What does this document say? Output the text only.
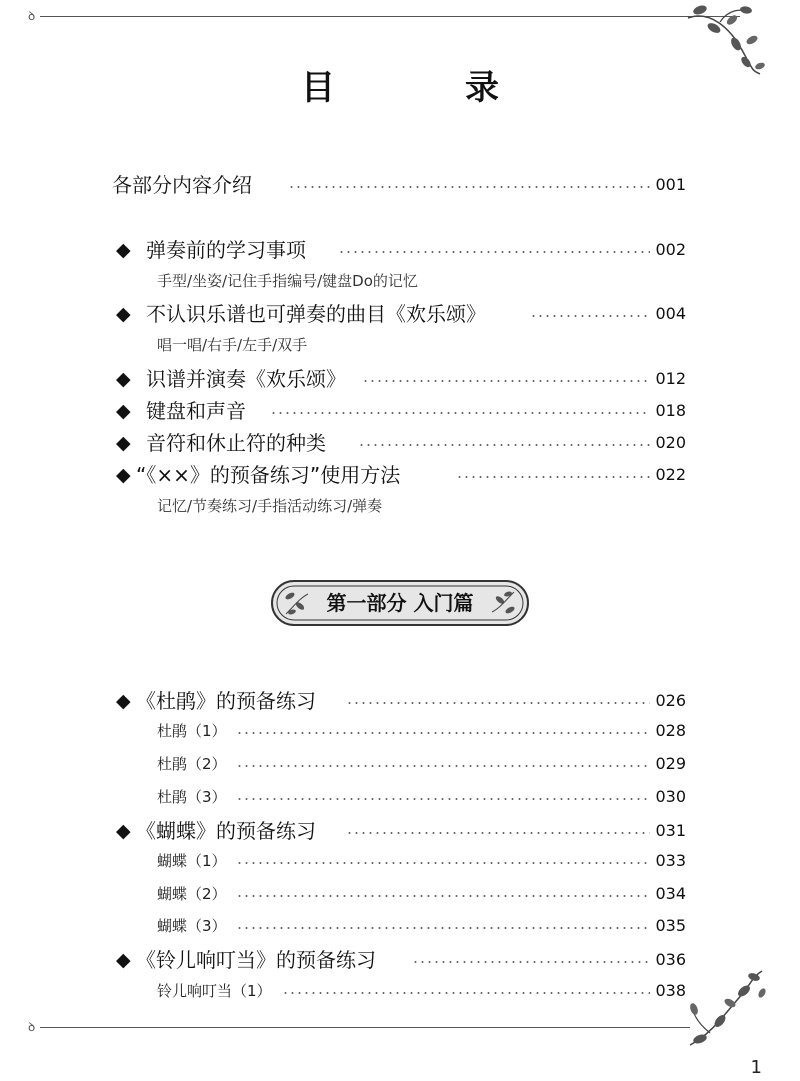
ꝺ
ꝺ
目　录
各部分内容介绍	001
◆ 弹奏前的学习事项	002
手型/坐姿/记住手指编号/键盘Do的记忆
◆ 不认识乐谱也可弹奏的曲目《欢乐颂》	004
唱一唱/右手/左手/双手
◆ 识谱并演奏《欢乐颂》	012
◆ 键盘和声音	018
◆ 音符和休止符的种类	020
◆ “《××》的预备练习”使用方法	022
记忆/节奏练习/手指活动练习/弹奏
第一部分 入门篇
◆ 《杜鹃》的预备练习	026
杜鹃（1）	028
杜鹃（2）	029
杜鹃（3）	030
◆ 《蝴蝶》的预备练习	031
蝴蝶（1）	033
蝴蝶（2）	034
蝴蝶（3）	035
◆ 《铃儿响叮当》的预备练习	036
铃儿响叮当（1）	038
1
